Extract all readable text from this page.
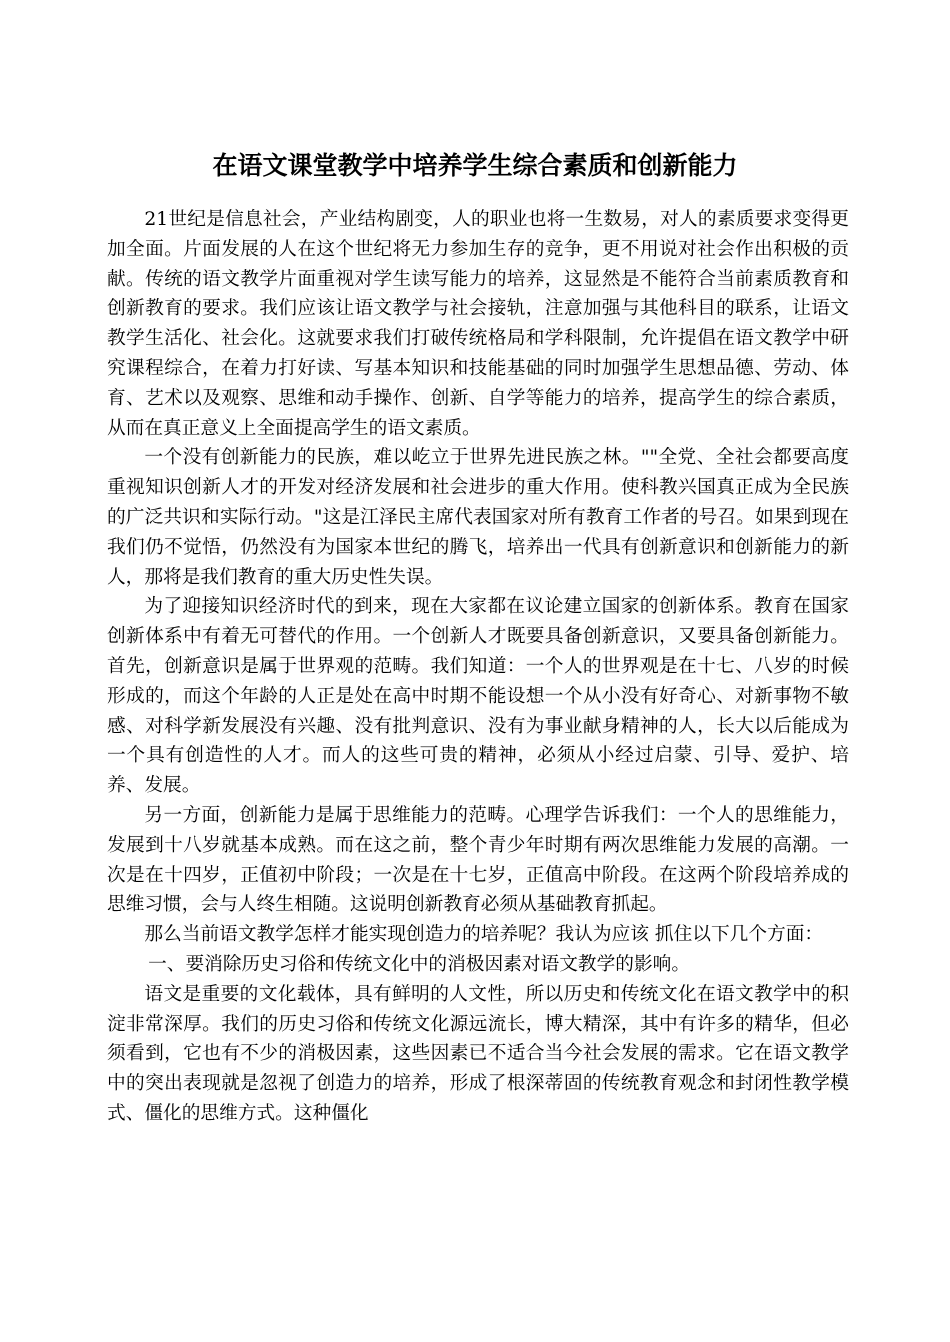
在语文课堂教学中培养学生综合素质和创新能力

21世纪是信息社会，产业结构剧变，人的职业也将一生数易，对人的素质要求变得更加全面。片面发展的人在这个世纪将无力参加生存的竞争，更不用说对社会作出积极的贡献。传统的语文教学片面重视对学生读写能力的培养，这显然是不能符合当前素质教育和创新教育的要求。我们应该让语文教学与社会接轨，注意加强与其他科目的联系，让语文教学生活化、社会化。这就要求我们打破传统格局和学科限制，允许提倡在语文教学中研究课程综合，在着力打好读、写基本知识和技能基础的同时加强学生思想品德、劳动、体育、艺术以及观察、思维和动手操作、创新、自学等能力的培养，提高学生的综合素质，从而在真正意义上全面提高学生的语文素质。

一个没有创新能力的民族，难以屹立于世界先进民族之林。""全党、全社会都要高度重视知识创新人才的开发对经济发展和社会进步的重大作用。使科教兴国真正成为全民族的广泛共识和实际行动。"这是江泽民主席代表国家对所有教育工作者的号召。如果到现在我们仍不觉悟，仍然没有为国家本世纪的腾飞，培养出一代具有创新意识和创新能力的新人，那将是我们教育的重大历史性失误。

为了迎接知识经济时代的到来，现在大家都在议论建立国家的创新体系。教育在国家创新体系中有着无可替代的作用。一个创新人才既要具备创新意识，又要具备创新能力。首先，创新意识是属于世界观的范畴。我们知道：一个人的世界观是在十七、八岁的时候形成的，而这个年龄的人正是处在高中时期不能设想一个从小没有好奇心、对新事物不敏感、对科学新发展没有兴趣、没有批判意识、没有为事业献身精神的人，长大以后能成为一个具有创造性的人才。而人的这些可贵的精神，必须从小经过启蒙、引导、爱护、培养、发展。

另一方面，创新能力是属于思维能力的范畴。心理学告诉我们：一个人的思维能力，发展到十八岁就基本成熟。而在这之前，整个青少年时期有两次思维能力发展的高潮。一次是在十四岁，正值初中阶段；一次是在十七岁，正值高中阶段。在这两个阶段培养成的思维习惯，会与人终生相随。这说明创新教育必须从基础教育抓起。

那么当前语文教学怎样才能实现创造力的培养呢？我认为应该 抓住以下几个方面：

一、要消除历史习俗和传统文化中的消极因素对语文教学的影响。

语文是重要的文化载体，具有鲜明的人文性，所以历史和传统文化在语文教学中的积淀非常深厚。我们的历史习俗和传统文化源远流长，博大精深，其中有许多的精华，但必须看到，它也有不少的消极因素，这些因素已不适合当今社会发展的需求。它在语文教学中的突出表现就是忽视了创造力的培养，形成了根深蒂固的传统教育观念和封闭性教学模式、僵化的思维方式。这种僵化
